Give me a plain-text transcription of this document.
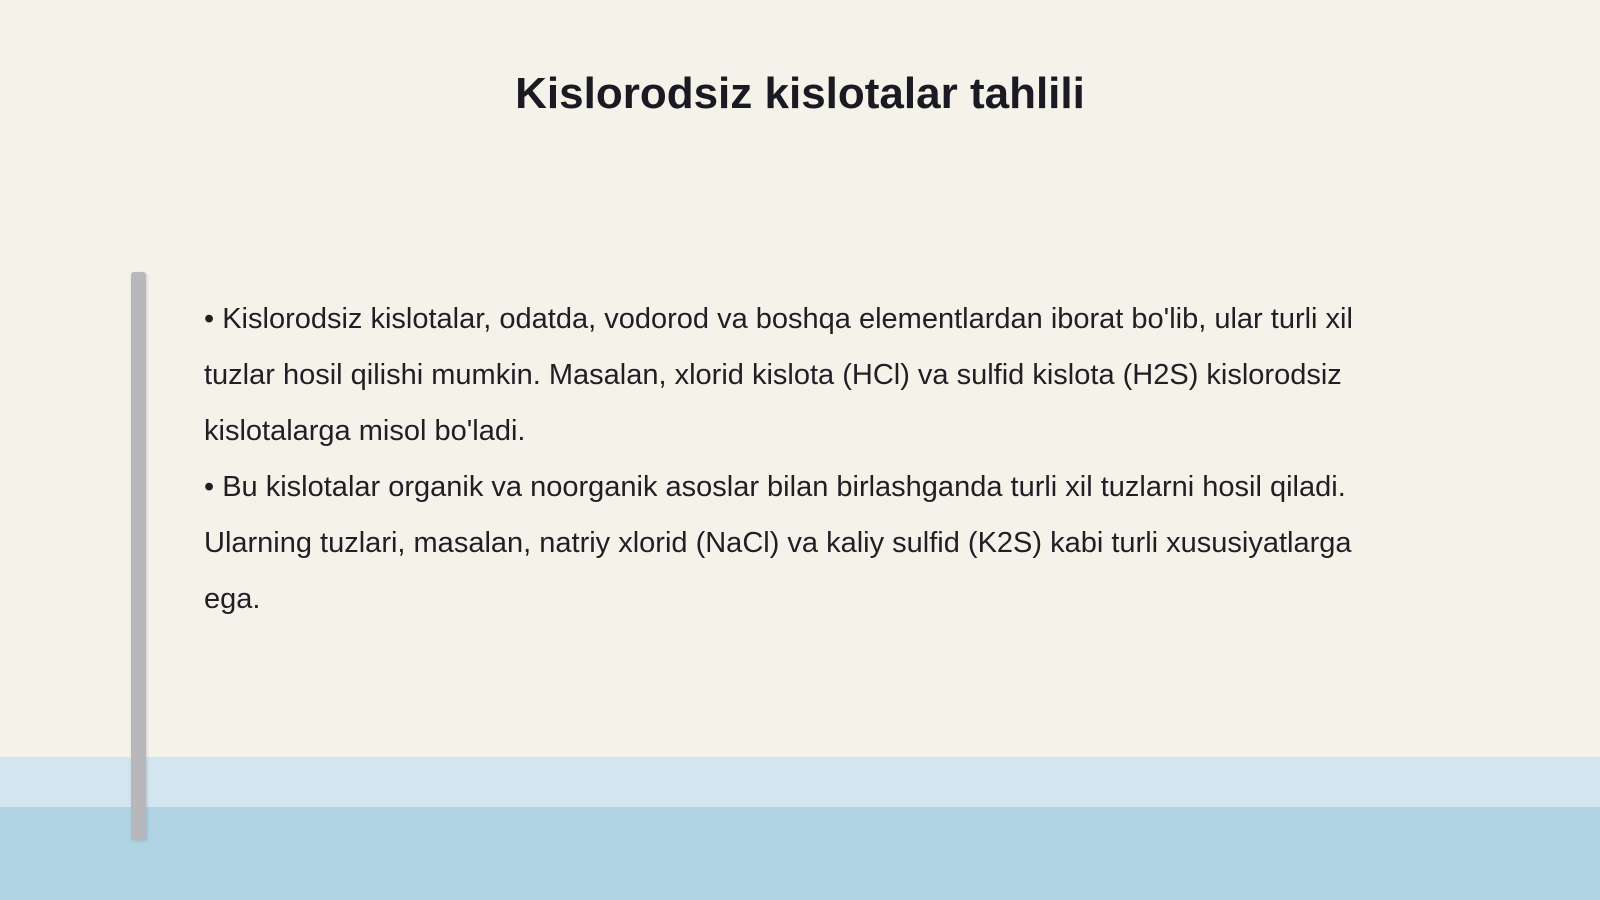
Kislorodsiz kislotalar tahlili

• Kislorodsiz kislotalar, odatda, vodorod va boshqa elementlardan iborat bo'lib, ular turli xil tuzlar hosil qilishi mumkin. Masalan, xlorid kislota (HCl) va sulfid kislota (H2S) kislorodsiz kislotalarga misol bo'ladi.

• Bu kislotalar organik va noorganik asoslar bilan birlashganda turli xil tuzlarni hosil qiladi. Ularning tuzlari, masalan, natriy xlorid (NaCl) va kaliy sulfid (K2S) kabi turli xususiyatlarga ega.
